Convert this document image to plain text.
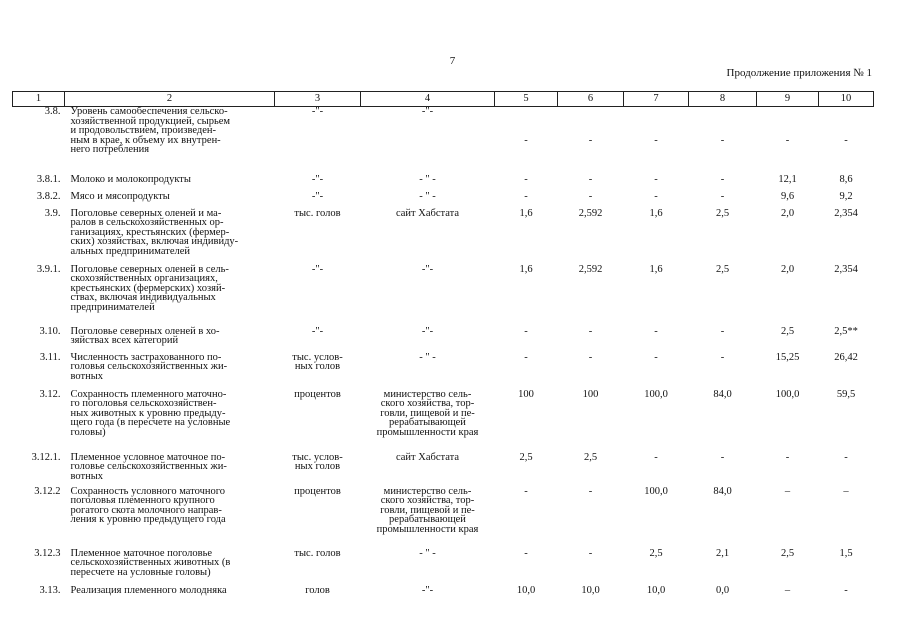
7
Продолжение приложения № 1
1	2	3	4	5	6	7	8	9	10
3.8.	Уровень самообеспечения сельско-
хозяйственной продукцией, сырьем
и продовольствием, произведен-
ным в крае, к объему их внутрен-
него потребления	-"-	-"-	-	-	-	-	-	-
3.8.1.	Молоко и молокопродукты	-"-	- " -	-	-	-	-	12,1	8,6
3.8.2.	Мясо и мясопродукты	-"-	- " -	-	-	-	-	9,6	9,2
3.9.	Поголовье северных оленей и ма-
ралов в сельскохозяйственных ор-
ганизациях, крестьянских (фермер-
ских) хозяйствах, включая индивиду-
альных предпринимателей	тыс. голов	сайт Хабстата	1,6	2,592	1,6	2,5	2,0	2,354
3.9.1.	Поголовье северных оленей в сель-
скохозяйственных организациях,
крестьянских (фермерских) хозяй-
ствах, включая индивидуальных
предпринимателей	-"-	-"-	1,6	2,592	1,6	2,5	2,0	2,354
3.10.	Поголовье северных оленей в хо-
зяйствах всех категорий	-"-	-"-	-	-	-	-	2,5	2,5**
3.11.	Численность застрахованного по-
головья сельскохозяйственных жи-
вотных	тыс. услов-
ных голов	- " -	-	-	-	-	15,25	26,42
3.12.	Сохранность племенного маточно-
го поголовья сельскохозяйствен-
ных животных к уровню предыду-
щего года (в пересчете на условные
головы)	процентов	министерство сель-
ского хозяйства, тор-
говли, пищевой и пе-
рерабатывающей
промышленности края	100	100	100,0	84,0	100,0	59,5
3.12.1.	Племенное условное маточное по-
головье сельскохозяйственных жи-
вотных	тыс. услов-
ных голов	сайт Хабстата	2,5	2,5	-	-	-	-
3.12.2	Сохранность условного маточного
поголовья племенного крупного
рогатого скота молочного направ-
ления к уровню предыдущего года	процентов	министерство сель-
ского хозяйства, тор-
говли, пищевой и пе-
рерабатывающей
промышленности края	-	-	100,0	84,0	–	–
3.12.3	Племенное маточное поголовье
сельскохозяйственных животных (в
пересчете на условные головы)	тыс. голов	- " -	-	-	2,5	2,1	2,5	1,5
3.13.	Реализация племенного молодняка	голов	-"-	10,0	10,0	10,0	0,0	–	-
